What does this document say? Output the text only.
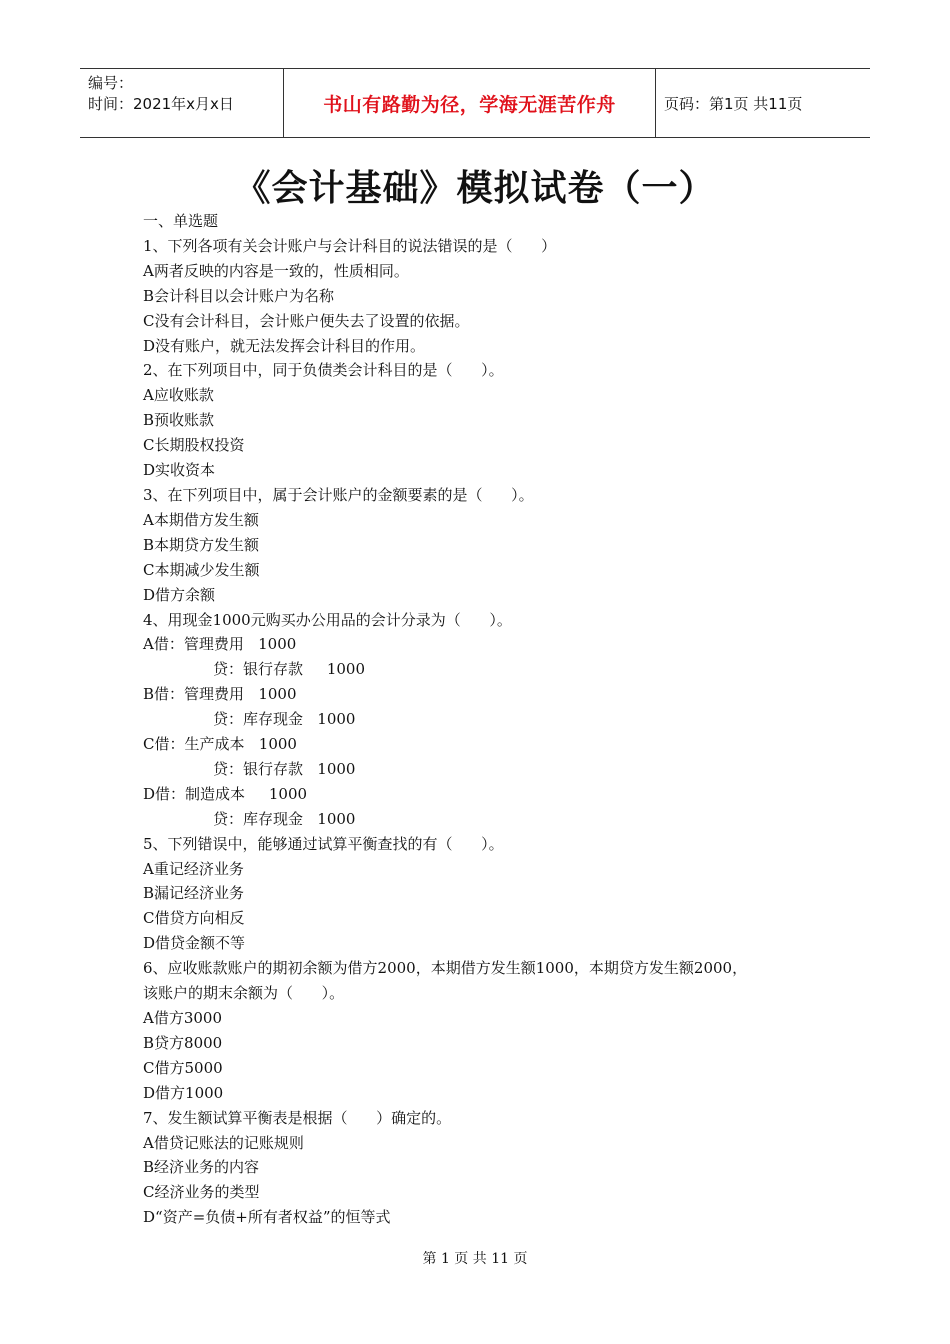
编号：
时间：2021年x月x日	书山有路勤为径，学海无涯苦作舟	页码：第1页 共11页
《会计基础》模拟试卷（一）
一、单选题
1、下列各项有关会计账户与会计科目的说法错误的是（      ）
A两者反映的内容是一致的，性质相同。
B会计科目以会计账户为名称
C没有会计科目，会计账户便失去了设置的依据。
D没有账户，就无法发挥会计科目的作用。
2、在下列项目中，同于负债类会计科目的是（      ）。
A应收账款
B预收账款
C长期股权投资
D实收资本
3、在下列项目中，属于会计账户的金额要素的是（      ）。
A本期借方发生额
B本期贷方发生额
C本期减少发生额
D借方余额
4、用现金1000元购买办公用品的会计分录为（      ）。
A借：管理费用   1000
贷：银行存款     1000
B借：管理费用   1000
贷：库存现金   1000
C借：生产成本   1000
贷：银行存款   1000
D借：制造成本     1000
贷：库存现金   1000
5、下列错误中，能够通过试算平衡查找的有（      ）。
A重记经济业务
B漏记经济业务
C借贷方向相反
D借贷金额不等
6、应收账款账户的期初余额为借方2000，本期借方发生额1000，本期贷方发生额2000，
该账户的期末余额为（      ）。
A借方3000
B贷方8000
C借方5000
D借方1000
7、发生额试算平衡表是根据（      ）确定的。
A借贷记账法的记账规则
B经济业务的内容
C经济业务的类型
D“资产=负债+所有者权益”的恒等式
第 1 页 共 11 页
